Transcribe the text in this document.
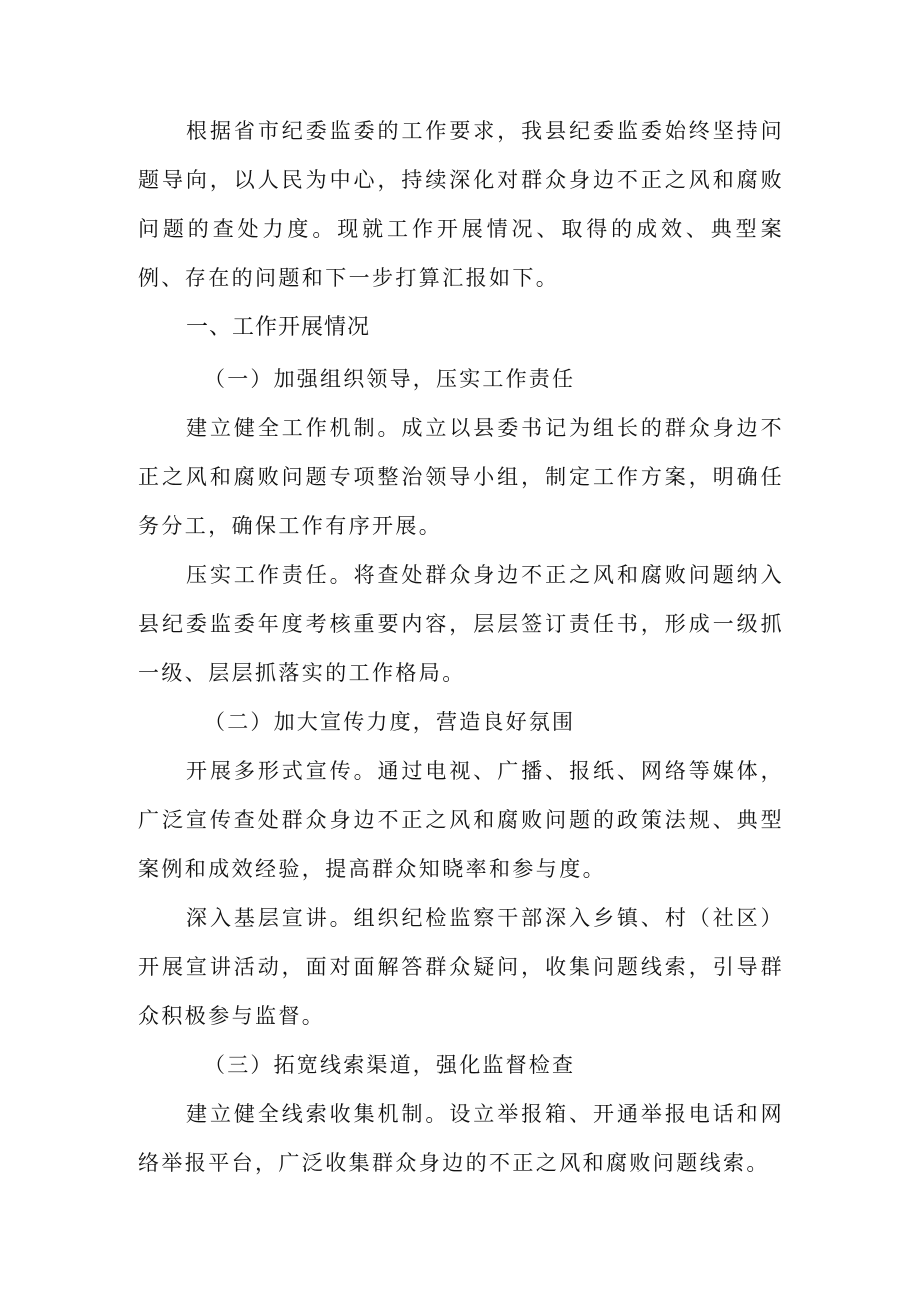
根据省市纪委监委的工作要求，我县纪委监委始终坚持问题导向，以人民为中心，持续深化对群众身边不正之风和腐败问题的查处力度。现就工作开展情况、取得的成效、典型案例、存在的问题和下一步打算汇报如下。

一、工作开展情况

（一）加强组织领导，压实工作责任

建立健全工作机制。成立以县委书记为组长的群众身边不正之风和腐败问题专项整治领导小组，制定工作方案，明确任务分工，确保工作有序开展。

压实工作责任。将查处群众身边不正之风和腐败问题纳入县纪委监委年度考核重要内容，层层签订责任书，形成一级抓一级、层层抓落实的工作格局。

（二）加大宣传力度，营造良好氛围

开展多形式宣传。通过电视、广播、报纸、网络等媒体，广泛宣传查处群众身边不正之风和腐败问题的政策法规、典型案例和成效经验，提高群众知晓率和参与度。

深入基层宣讲。组织纪检监察干部深入乡镇、村（社区）开展宣讲活动，面对面解答群众疑问，收集问题线索，引导群众积极参与监督。

（三）拓宽线索渠道，强化监督检查

建立健全线索收集机制。设立举报箱、开通举报电话和网络举报平台，广泛收集群众身边的不正之风和腐败问题线索。
